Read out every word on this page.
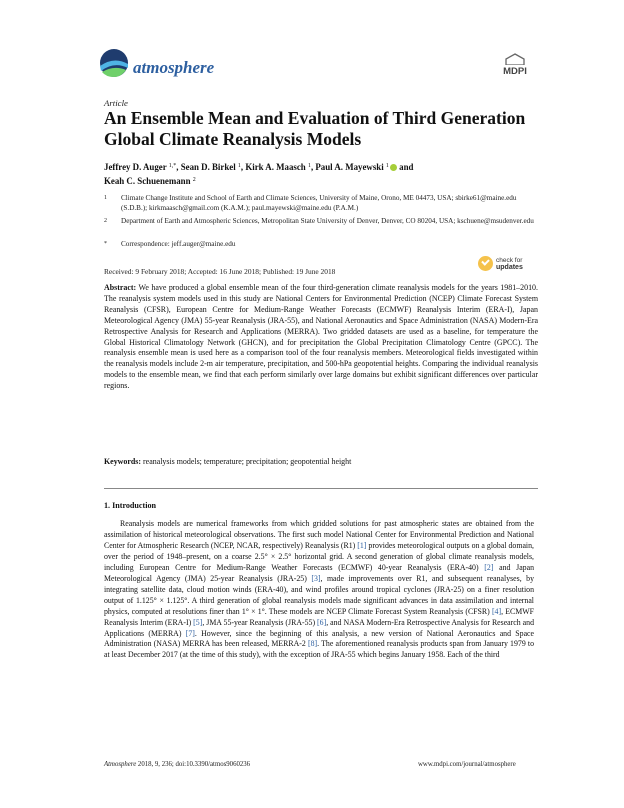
atmosphere	MDPI
Article
An Ensemble Mean and Evaluation of Third Generation Global Climate Reanalysis Models
Jeffrey D. Auger $^{1,*}$, Sean D. Birkel $^1$, Kirk A. Maasch $^1$, Paul A. Mayewski $^1$ and
Keah C. Schuenemann $^2$
1 Climate Change Institute and School of Earth and Climate Sciences, University of Maine, Orono, ME 04473, USA; sbirke61@maine.edu (S.D.B.); kirkmaasch@gmail.com (K.A.M.); paul.mayewski@maine.edu (P.A.M.)
2 Department of Earth and Atmospheric Sciences, Metropolitan State University of Denver, Denver, CO 80204, USA; kschuene@msudenver.edu
* Correspondence: jeff.auger@maine.edu
Received: 9 February 2018; Accepted: 16 June 2018; Published: 19 June 2018
check for
updates

Abstract: We have produced a global ensemble mean of the four third-generation climate reanalysis models for the years 1981–2010. The reanalysis system models used in this study are National Centers for Environmental Prediction (NCEP) Climate Forecast System Reanalysis (CFSR), European Centre for Medium-Range Weather Forecasts (ECMWF) Reanalysis Interim (ERA-I), Japan Meteorological Agency (JMA) 55-year Reanalysis (JRA-55), and National Aeronautics and Space Administration (NASA) Modern-Era Retrospective Analysis for Research and Applications (MERRA). Two gridded datasets are used as a baseline, for temperature the Global Historical Climatology Network (GHCN), and for precipitation the Global Precipitation Climatology Centre (GPCC). The reanalysis ensemble mean is used here as a comparison tool of the four reanalysis members. Meteorological fields investigated within the reanalysis models include 2-m air temperature, precipitation, and 500-hPa geopotential heights. Comparing the individual reanalysis models to the ensemble mean, we find that each perform similarly over large domains but exhibit significant differences over particular regions.

Keywords: reanalysis models; temperature; precipitation; geopotential height

1. Introduction

Reanalysis models are numerical frameworks from which gridded solutions for past atmospheric states are obtained from the assimilation of historical meteorological observations. The first such model National Center for Environmental Prediction and National Center for Atmospheric Research (NCEP, NCAR, respectively) Reanalysis (R1) [1] provides meteorological outputs on a global domain, over the period of 1948–present, on a coarse 2.5° × 2.5° horizontal grid. A second generation of global climate reanalysis models, including European Centre for Medium-Range Weather Forecasts (ECMWF) 40-year Reanalysis (ERA-40) [2] and Japan Meteorological Agency (JMA) 25-year Reanalysis (JRA-25) [3], made improvements over R1, and subsequent reanalyses, by integrating satellite data, cloud motion winds (ERA-40), and wind profiles around tropical cyclones (JRA-25) on a finer resolution output of 1.125° × 1.125°. A third generation of global reanalysis models made significant advances in data assimilation and internal physics, computed at resolutions finer than 1° × 1°. These models are NCEP Climate Forecast System Reanalysis (CFSR) [4], ECMWF Reanalysis Interim (ERA-I) [5], JMA 55-year Reanalysis (JRA-55) [6], and NASA Modern-Era Retrospective Analysis for Research and Applications (MERRA) [7]. However, since the beginning of this analysis, a new version of National Aeronautics and Space Administration (NASA) MERRA has been released, MERRA-2 [8]. The aforementioned reanalysis products span from January 1979 to at least December 2017 (at the time of this study), with the exception of JRA-55 which begins January 1958. Each of the third

Atmosphere 2018, 9, 236; doi:10.3390/atmos9060236	www.mdpi.com/journal/atmosphere
